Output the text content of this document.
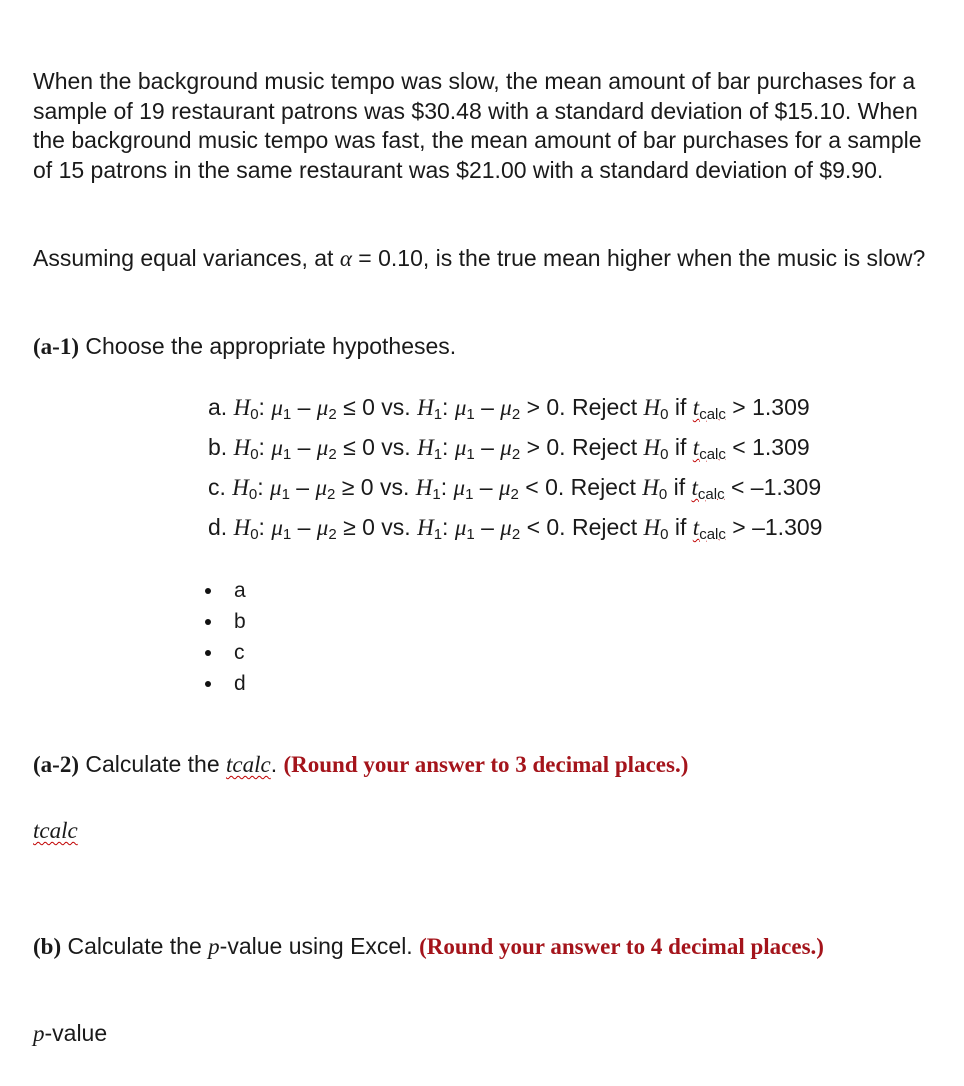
When the background music tempo was slow, the mean amount of bar purchases for a sample of 19 restaurant patrons was $30.48 with a standard deviation of $15.10. When the background music tempo was fast, the mean amount of bar purchases for a sample of 15 patrons in the same restaurant was $21.00 with a standard deviation of $9.90.
Assuming equal variances, at α = 0.10, is the true mean higher when the music is slow?
(a-1) Choose the appropriate hypotheses.
a. $H_0$: $\mu_1 - \mu_2 \le 0$ vs. $H_1$: $\mu_1 - \mu_2 > 0$. Reject $H_0$ if $t_{calc} > 1.309$
b. $H_0$: $\mu_1 - \mu_2 \le 0$ vs. $H_1$: $\mu_1 - \mu_2 > 0$. Reject $H_0$ if $t_{calc} < 1.309$
c. $H_0$: $\mu_1 - \mu_2 \ge 0$ vs. $H_1$: $\mu_1 - \mu_2 < 0$. Reject $H_0$ if $t_{calc} < -1.309$
d. $H_0$: $\mu_1 - \mu_2 \ge 0$ vs. $H_1$: $\mu_1 - \mu_2 < 0$. Reject $H_0$ if $t_{calc} > -1.309$
a
b
c
d
(a-2) Calculate the tcalc. (Round your answer to 3 decimal places.)
tcalc
(b) Calculate the p-value using Excel. (Round your answer to 4 decimal places.)
p-value
